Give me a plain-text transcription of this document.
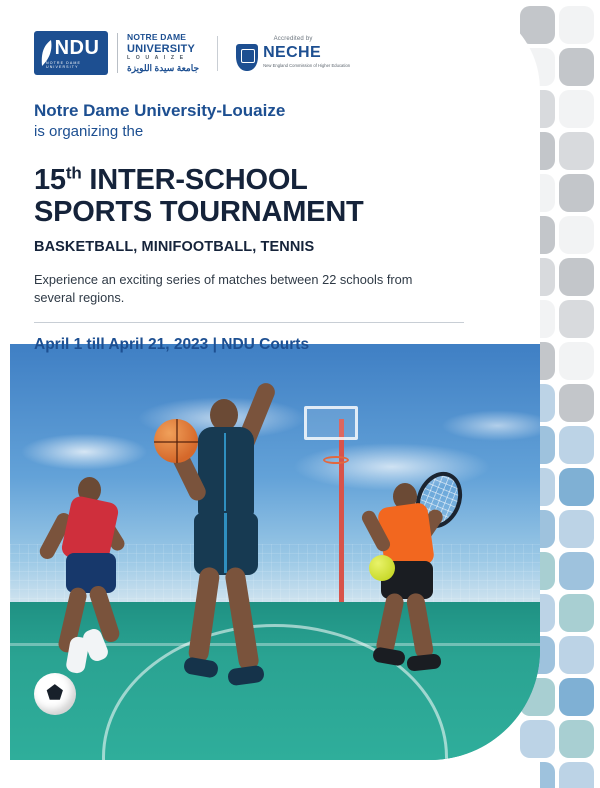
NDU
NOTRE DAME UNIVERSITY
NOTRE DAME
UNIVERSITY
L O U A I Z E
جامعة سيدة اللويزة
Accredited by
NECHE
New England Commission of Higher Education
Notre Dame University-Louaize
is organizing the
15th INTER-SCHOOL
SPORTS TOURNAMENT
BASKETBALL, MINIFOOTBALL, TENNIS
Experience an exciting series of matches between 22 schools from several regions.
April 1 till April 21, 2023 | NDU Courts
